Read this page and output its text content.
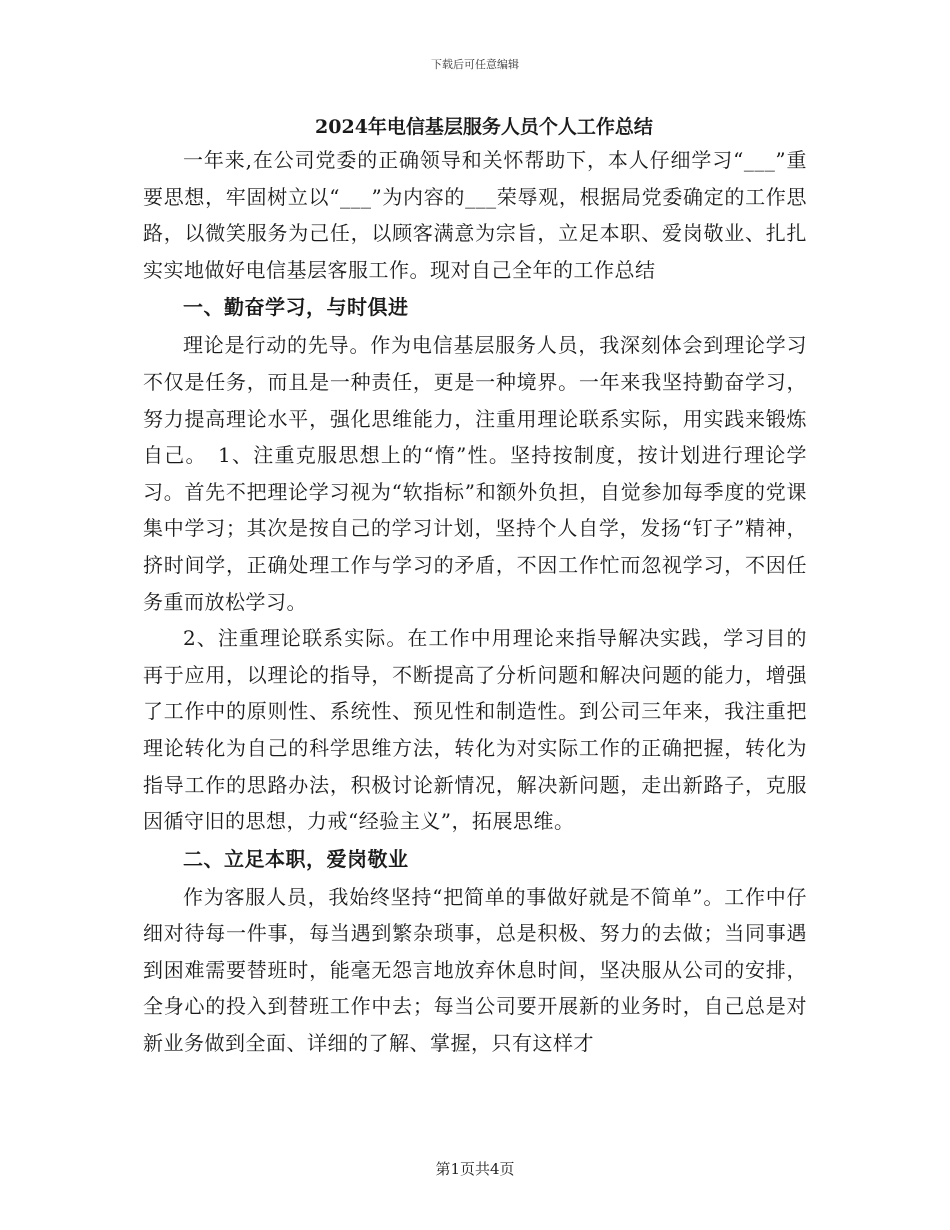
下载后可任意编辑
2024年电信基层服务人员个人工作总结

一年来,在公司党委的正确领导和关怀帮助下，本人仔细学习“___”重要思想，牢固树立以“___”为内容的___荣辱观，根据局党委确定的工作思路，以微笑服务为己任，以顾客满意为宗旨，立足本职、爱岗敬业、扎扎实实地做好电信基层客服工作。现对自己全年的工作总结

一、勤奋学习，与时俱进

理论是行动的先导。作为电信基层服务人员，我深刻体会到理论学习不仅是任务，而且是一种责任，更是一种境界。一年来我坚持勤奋学习，努力提高理论水平，强化思维能力，注重用理论联系实际，用实践来锻炼自己。　1、注重克服思想上的“惰”性。坚持按制度，按计划进行理论学习。首先不把理论学习视为“软指标”和额外负担，自觉参加每季度的党课集中学习；其次是按自己的学习计划，坚持个人自学，发扬“钉子”精神，挤时间学，正确处理工作与学习的矛盾，不因工作忙而忽视学习，不因任务重而放松学习。

2、注重理论联系实际。在工作中用理论来指导解决实践，学习目的再于应用，以理论的指导，不断提高了分析问题和解决问题的能力，增强了工作中的原则性、系统性、预见性和制造性。到公司三年来，我注重把理论转化为自己的科学思维方法，转化为对实际工作的正确把握，转化为指导工作的思路办法，积极讨论新情况，解决新问题，走出新路子，克服因循守旧的思想，力戒“经验主义”，拓展思维。

二、立足本职，爱岗敬业

作为客服人员，我始终坚持“把简单的事做好就是不简单”。工作中仔细对待每一件事，每当遇到繁杂琐事，总是积极、努力的去做；当同事遇到困难需要替班时，能毫无怨言地放弃休息时间，坚决服从公司的安排，全身心的投入到替班工作中去；每当公司要开展新的业务时，自己总是对新业务做到全面、详细的了解、掌握，只有这样才

第1页共4页
